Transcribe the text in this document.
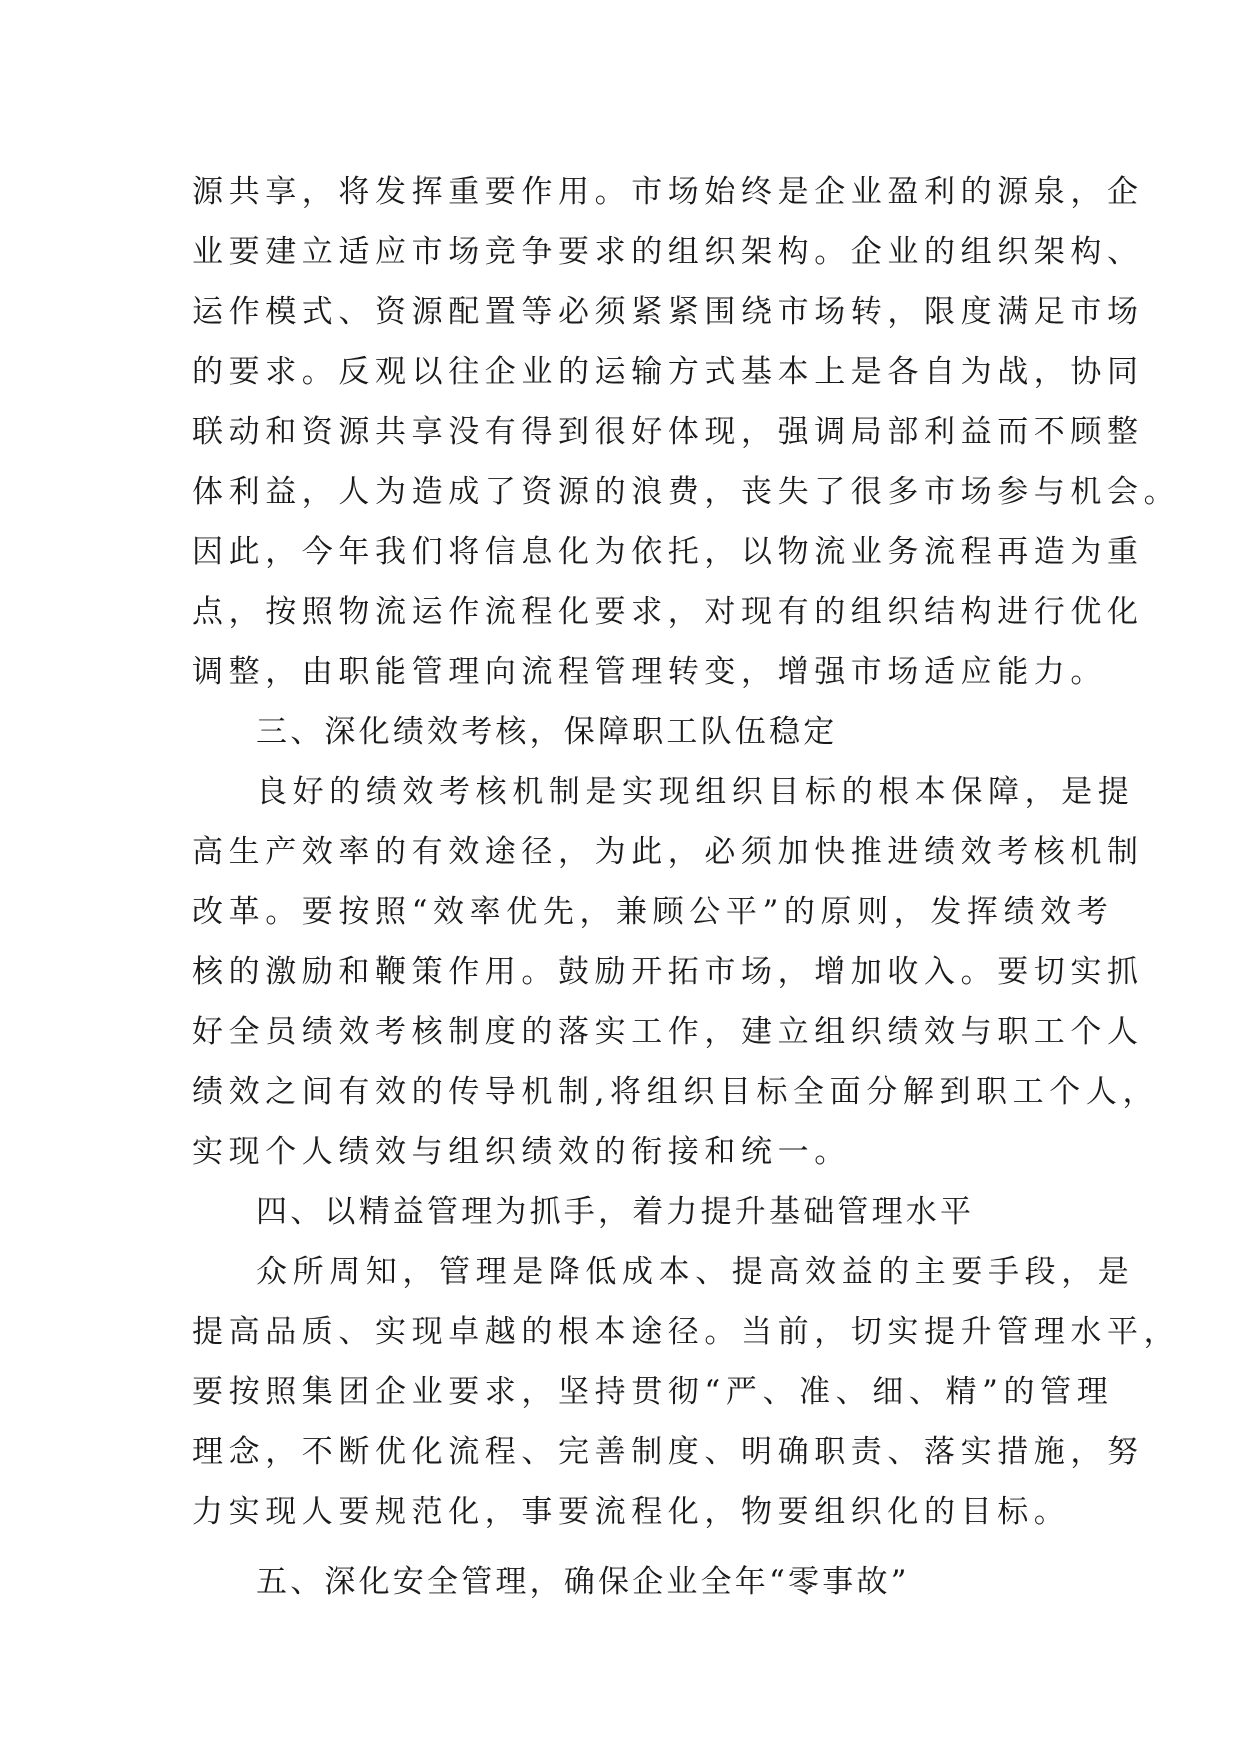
源共享，将发挥重要作用。市场始终是企业盈利的源泉，企
业要建立适应市场竞争要求的组织架构。企业的组织架构、
运作模式、资源配置等必须紧紧围绕市场转，限度满足市场
的要求。反观以往企业的运输方式基本上是各自为战，协同
联动和资源共享没有得到很好体现，强调局部利益而不顾整
体利益，人为造成了资源的浪费，丧失了很多市场参与机会。
因此，今年我们将信息化为依托，以物流业务流程再造为重
点，按照物流运作流程化要求，对现有的组织结构进行优化
调整，由职能管理向流程管理转变，增强市场适应能力。
三、深化绩效考核，保障职工队伍稳定
良好的绩效考核机制是实现组织目标的根本保障，是提
高生产效率的有效途径，为此，必须加快推进绩效考核机制
改革。要按照“效率优先，兼顾公平”的原则，发挥绩效考
核的激励和鞭策作用。鼓励开拓市场，增加收入。要切实抓
好全员绩效考核制度的落实工作，建立组织绩效与职工个人
绩效之间有效的传导机制,将组织目标全面分解到职工个人，
实现个人绩效与组织绩效的衔接和统一。
四、以精益管理为抓手，着力提升基础管理水平
众所周知，管理是降低成本、提高效益的主要手段，是
提高品质、实现卓越的根本途径。当前，切实提升管理水平，
要按照集团企业要求，坚持贯彻“严、准、细、精”的管理
理念，不断优化流程、完善制度、明确职责、落实措施，努
力实现人要规范化，事要流程化，物要组织化的目标。
五、深化安全管理，确保企业全年“零事故”
